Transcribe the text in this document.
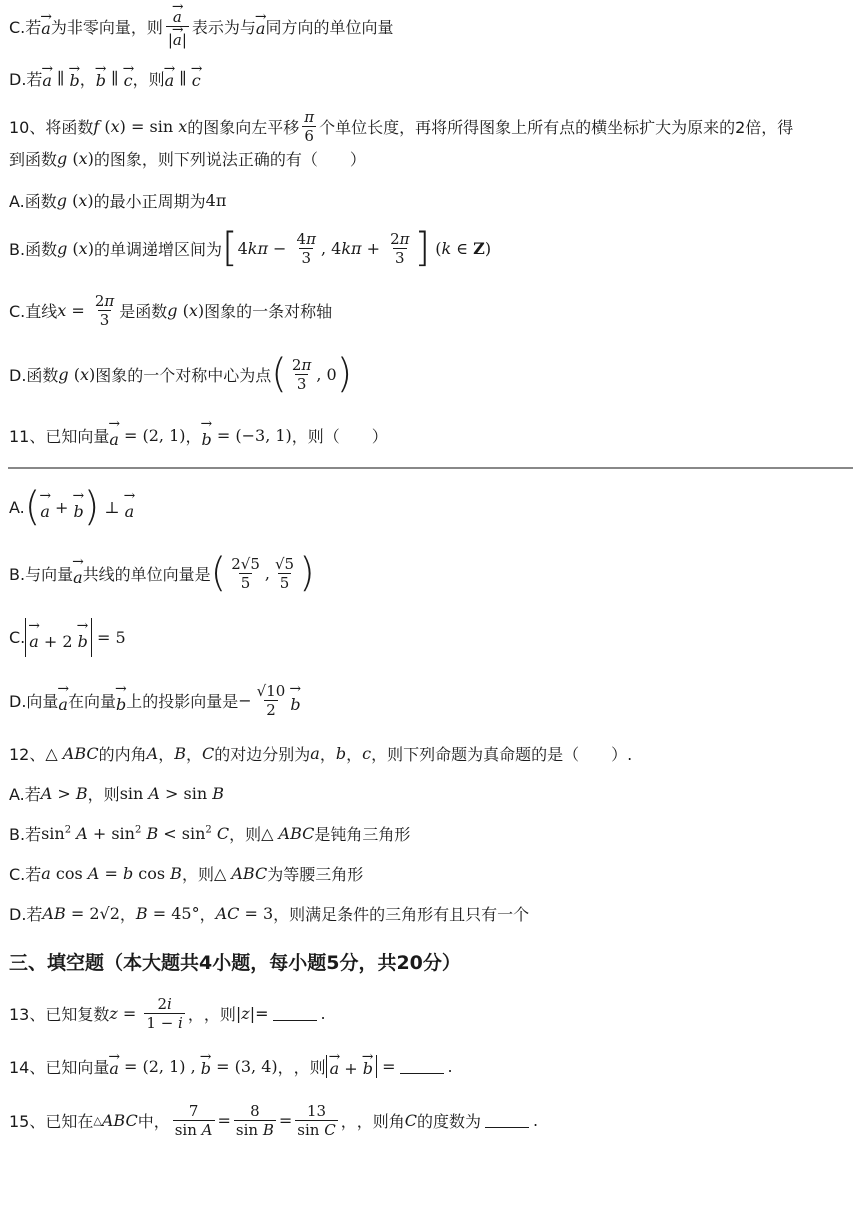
C.若
→ a 为非零向量，则
→ $\frac{a}{|\to a|}$ 表示为与
→ a 同方向的单位向量
D.若
→ a ∥
→ b ，
→ b ∥
→ c ，则
→ a ∥
→ c
10、将函数 f ( x ) = sin x 的图象向左平移 $\frac{\pi}{6}$ 个单位长度，再将所得图象上所有点的横坐标扩大为原来的2倍，得
到函数 g ( x ) 的图象，则下列说法正确的有（　　）
A.函数 g ( x ) 的最小正周期为 4π
B.函数 g ( x ) 的单调递增区间为 [ 4 $k\pi - \frac{4\pi}{3}$ , 4 $k\pi + \frac{2\pi}{3}$ ] ( k ∈ Z)
C.直线 $x = \frac{2\pi}{3}$ 是函数 g ( x ) 图象的一条对称轴
D.函数 g ( x ) 图象的一个对称中心为点 ( $\frac{2\pi}{3}$ , 0 )
11、已知向量
→ a = (2, 1) ，
→ b = (−3, 1) ，则（　　）
A. (
→ a +
→ b ) ⊥
→ a
B.与向量
→ a 共线的单位向量是 ( $\frac{2√5}{5}$ , $\frac{√5}{5}$ )
C.
→ a + 2 → b = 5
D.向量
→ a 在向量
→ b 上的投影向量是 − $\frac{√10}{2}$
→ b
12、 △ ABC 的内角 A ， B ， C 的对边分别为 a ， b ， c ，则下列命题为真命题的是（　　）.
A.若 A > B ，则 sin A > sin B
B.若 $\sin^2 A + \sin^2 B < \sin^2 C$ ，则 △ ABC 是钝角三角形
C.若 a cos A = b cos B ，则 △ ABC 为等腰三角形
D.若 AB = 2√2 ， B = 45° ， AC = 3 ，则满足条件的三角形有且只有一个
三、填空题（本大题共4小题，每小题5分，共20分）
13、已知复数 $z = \frac{2i}{1 - i}$ ， ，则 | z | =	.
14、已知向量
→ a = (2, 1) ,
→ b = (3, 4) ， ，则
→ a + → b =	.
15、已知在 △ ABC 中， $\frac{7}{\text{sin A}} = \frac{8}{\text{sin B}} = \frac{13}{\text{sin C}}$ ， ，则角 C 的度数为	.
